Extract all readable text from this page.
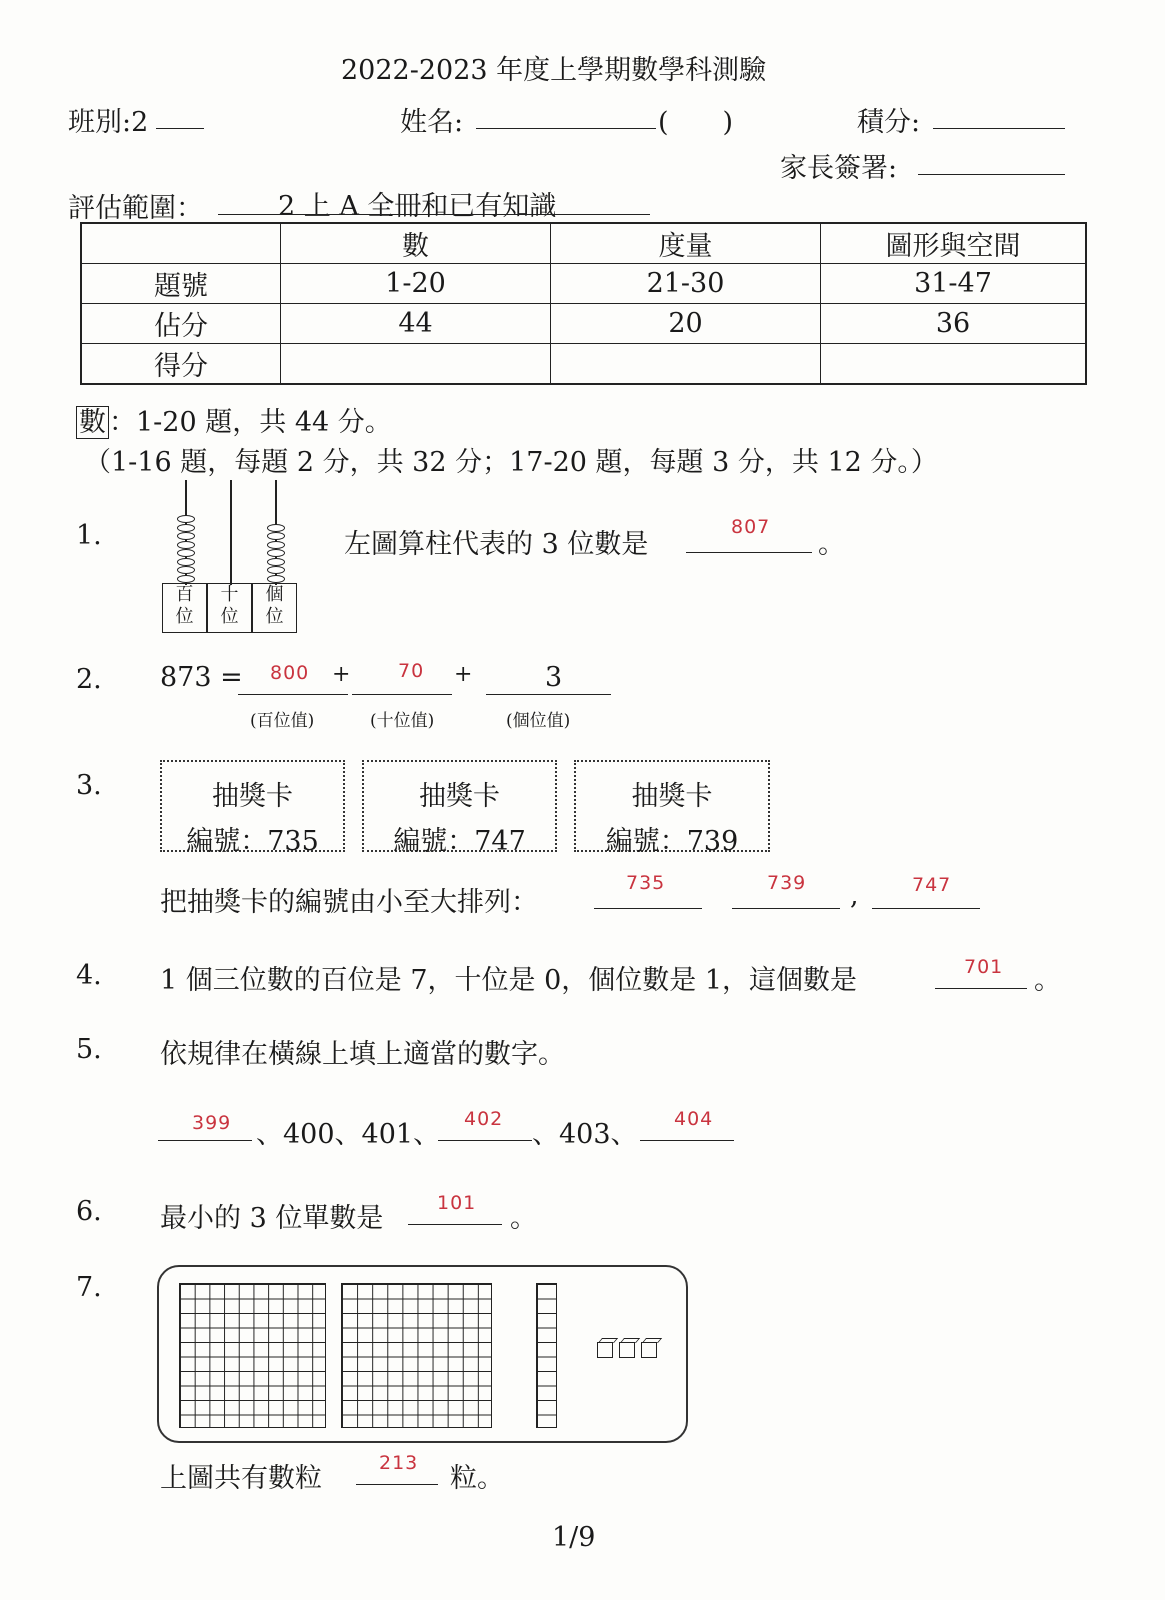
2022-2023 年度上學期數學科測驗
班別:2	姓名:	(　　)	積分:
家長簽署:
評估範圍：	2 上 A 全冊和已有知識
	數	度量	圖形與空間
題號	1-20	21-30	31-47
佔分	44	20	36
得分			
數 ：1-20 題，共 44 分。
（1-16 題，每題 2 分，共 32 分；17-20 題，每題 3 分，共 12 分。）
1.
百
位
十
位
個
位
左圖算柱代表的 3 位數是
807
。
2. 873 = 800 +	70 +	3
(百位值)	(十位值)	(個位值)
3.	抽獎卡
編號：735
抽獎卡
編號：747
抽獎卡
編號：739
把抽獎卡的編號由小至大排列：
735	739 ,	747
4. 1 個三位數的百位是 7，十位是 0，個位數是 1，這個數是	701 。
5. 依規律在橫線上填上適當的數字。
399 、400、401、 402 、403、 404
6. 最小的 3 位單數是	101 。
7.
上圖共有數粒	213 粒。
1/9
